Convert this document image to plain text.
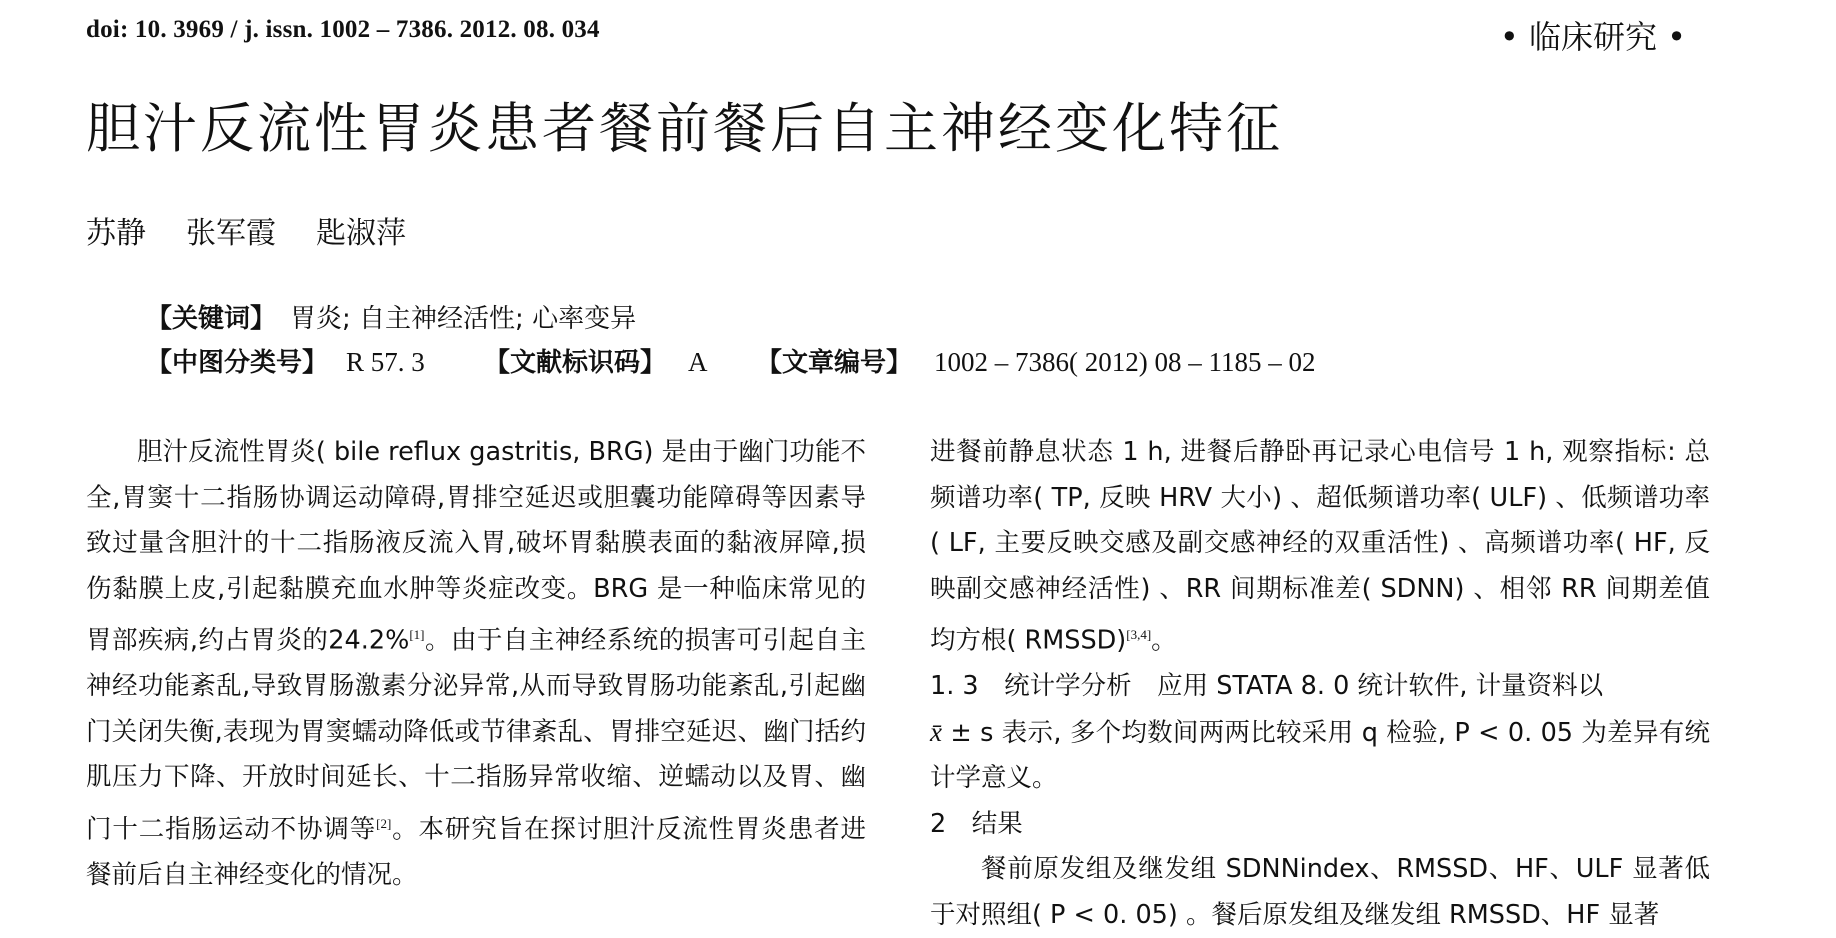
doi: 10. 3969 / j. issn. 1002 – 7386. 2012. 08. 034	• 临床研究 •
胆汁反流性胃炎患者餐前餐后自主神经变化特征
苏静 张军霞 匙淑萍
【关键词】 胃炎; 自主神经活性; 心率变异
【中图分类号】 R 57. 3	【文献标识码】 A	【文章编号】 1002 – 7386( 2012) 08 – 1185 – 02

胆汁反流性胃炎( bile reflux gastritis, BRG) 是由于幽门功能不全,胃窦十二指肠协调运动障碍,胃排空延迟或胆囊功能障碍等因素导致过量含胆汁的十二指肠液反流入胃,破坏胃黏膜表面的黏液屏障,损伤黏膜上皮,引起黏膜充血水肿等炎症改变。BRG 是一种临床常见的胃部疾病,约占胃炎的24.2%[1]。由于自主神经系统的损害可引起自主神经功能紊乱,导致胃肠激素分泌异常,从而导致胃肠功能紊乱,引起幽门关闭失衡,表现为胃窦蠕动降低或节律紊乱、胃排空延迟、幽门括约肌压力下降、开放时间延长、十二指肠异常收缩、逆蠕动以及胃、幽门十二指肠运动不协调等[2]。本研究旨在探讨胆汁反流性胃炎患者进餐前后自主神经变化的情况。

进餐前静息状态 1 h, 进餐后静卧再记录心电信号 1 h, 观察指标: 总频谱功率( TP, 反映 HRV 大小) 、超低频谱功率( ULF) 、低频谱功率( LF, 主要反映交感及副交感神经的双重活性) 、高频谱功率( HF, 反映副交感神经活性) 、RR 间期标准差( SDNN) 、相邻 RR 间期差值均方根( RMSSD)[3,4]。

1. 3　统计学分析　应用 STATA 8. 0 统计软件, 计量资料以
x̄ ± s 表示, 多个均数间两两比较采用 q 检验, P < 0. 05 为差异有统计学意义。

2　结果

餐前原发组及继发组 SDNNindex、RMSSD、HF、ULF 显著低于对照组( P < 0. 05) 。餐后原发组及继发组 RMSSD、HF 显著
